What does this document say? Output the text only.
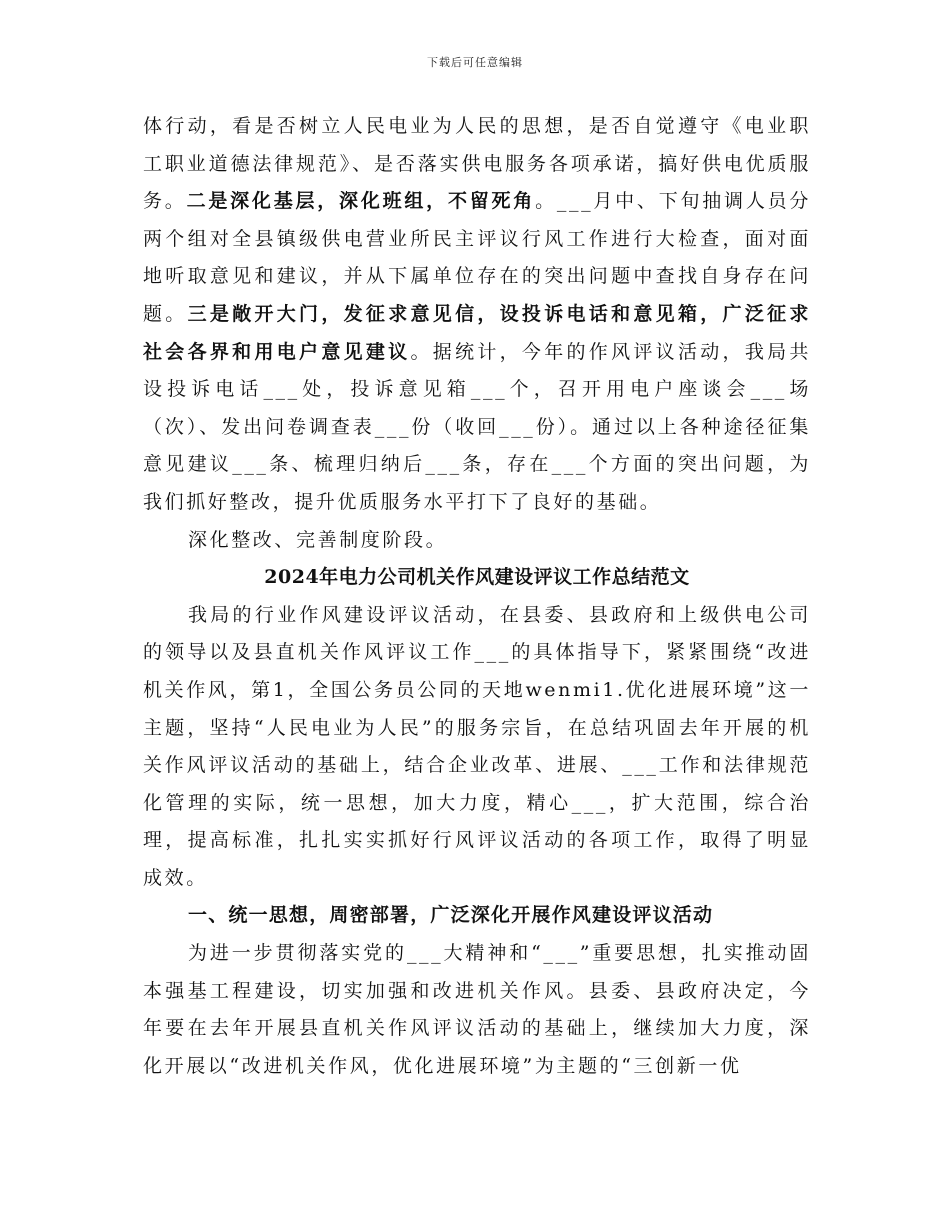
下载后可任意编辑

体行动，看是否树立人民电业为人民的思想，是否自觉遵守《电业职工职业道德法律规范》、是否落实供电服务各项承诺，搞好供电优质服务。二是深化基层，深化班组，不留死角。___月中、下旬抽调人员分两个组对全县镇级供电营业所民主评议行风工作进行大检查，面对面地听取意见和建议，并从下属单位存在的突出问题中查找自身存在问题。三是敞开大门，发征求意见信，设投诉电话和意见箱，广泛征求社会各界和用电户意见建议。据统计，今年的作风评议活动，我局共设投诉电话___处，投诉意见箱___个，召开用电户座谈会___场（次）、发出问卷调查表___份（收回___份）。通过以上各种途径征集意见建议___条、梳理归纳后___条，存在___个方面的突出问题，为我们抓好整改，提升优质服务水平打下了良好的基础。

深化整改、完善制度阶段。

2024年电力公司机关作风建设评议工作总结范文

我局的行业作风建设评议活动，在县委、县政府和上级供电公司的领导以及县直机关作风评议工作___的具体指导下，紧紧围绕“改进机关作风，第1，全国公务员公同的天地wenmi1.优化进展环境”这一主题，坚持“人民电业为人民”的服务宗旨，在总结巩固去年开展的机关作风评议活动的基础上，结合企业改革、进展、___工作和法律规范化管理的实际，统一思想，加大力度，精心___，扩大范围，综合治理，提高标准，扎扎实实抓好行风评议活动的各项工作，取得了明显成效。

一、统一思想，周密部署，广泛深化开展作风建设评议活动

为进一步贯彻落实党的___大精神和“___”重要思想，扎实推动固本强基工程建设，切实加强和改进机关作风。县委、县政府决定，今年要在去年开展县直机关作风评议活动的基础上，继续加大力度，深化开展以“改进机关作风，优化进展环境”为主题的“三创新一优
